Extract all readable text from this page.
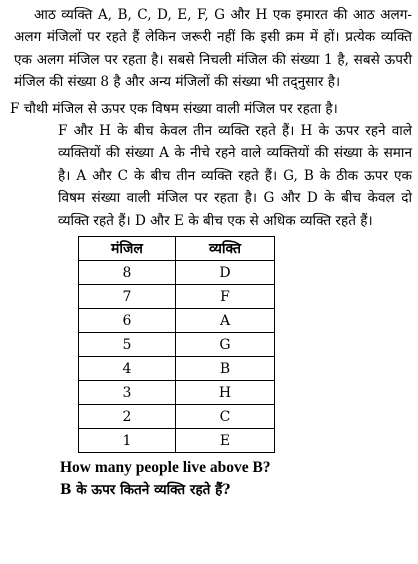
आठ व्यक्ति A, B, C, D, E, F, G और H एक इमारत की आठ अलग-अलग मंजिलों पर रहते हैं लेकिन जरूरी नहीं कि इसी क्रम में हों। प्रत्येक व्यक्ति एक अलग मंजिल पर रहता है। सबसे निचली मंजिल की संख्या 1 है, सबसे ऊपरी मंजिल की संख्या 8 है और अन्य मंजिलों की संख्या भी तद्नुसार है।

F चौथी मंजिल से ऊपर एक विषम संख्या वाली मंजिल पर रहता है।

F और H के बीच केवल तीन व्यक्ति रहते हैं। H के ऊपर रहने वाले व्यक्तियों की संख्या A के नीचे रहने वाले व्यक्तियों की संख्या के समान है। A और C के बीच तीन व्यक्ति रहते हैं। G, B के ठीक ऊपर एक विषम संख्या वाली मंजिल पर रहता है। G और D के बीच केवल दो व्यक्ति रहते हैं। D और E के बीच एक से अधिक व्यक्ति रहते हैं।

मंजिल	व्यक्ति
8	D
7	F
6	A
5	G
4	B
3	H
2	C
1	E
How many people live above B?
B के ऊपर कितने व्यक्ति रहते हैं?
